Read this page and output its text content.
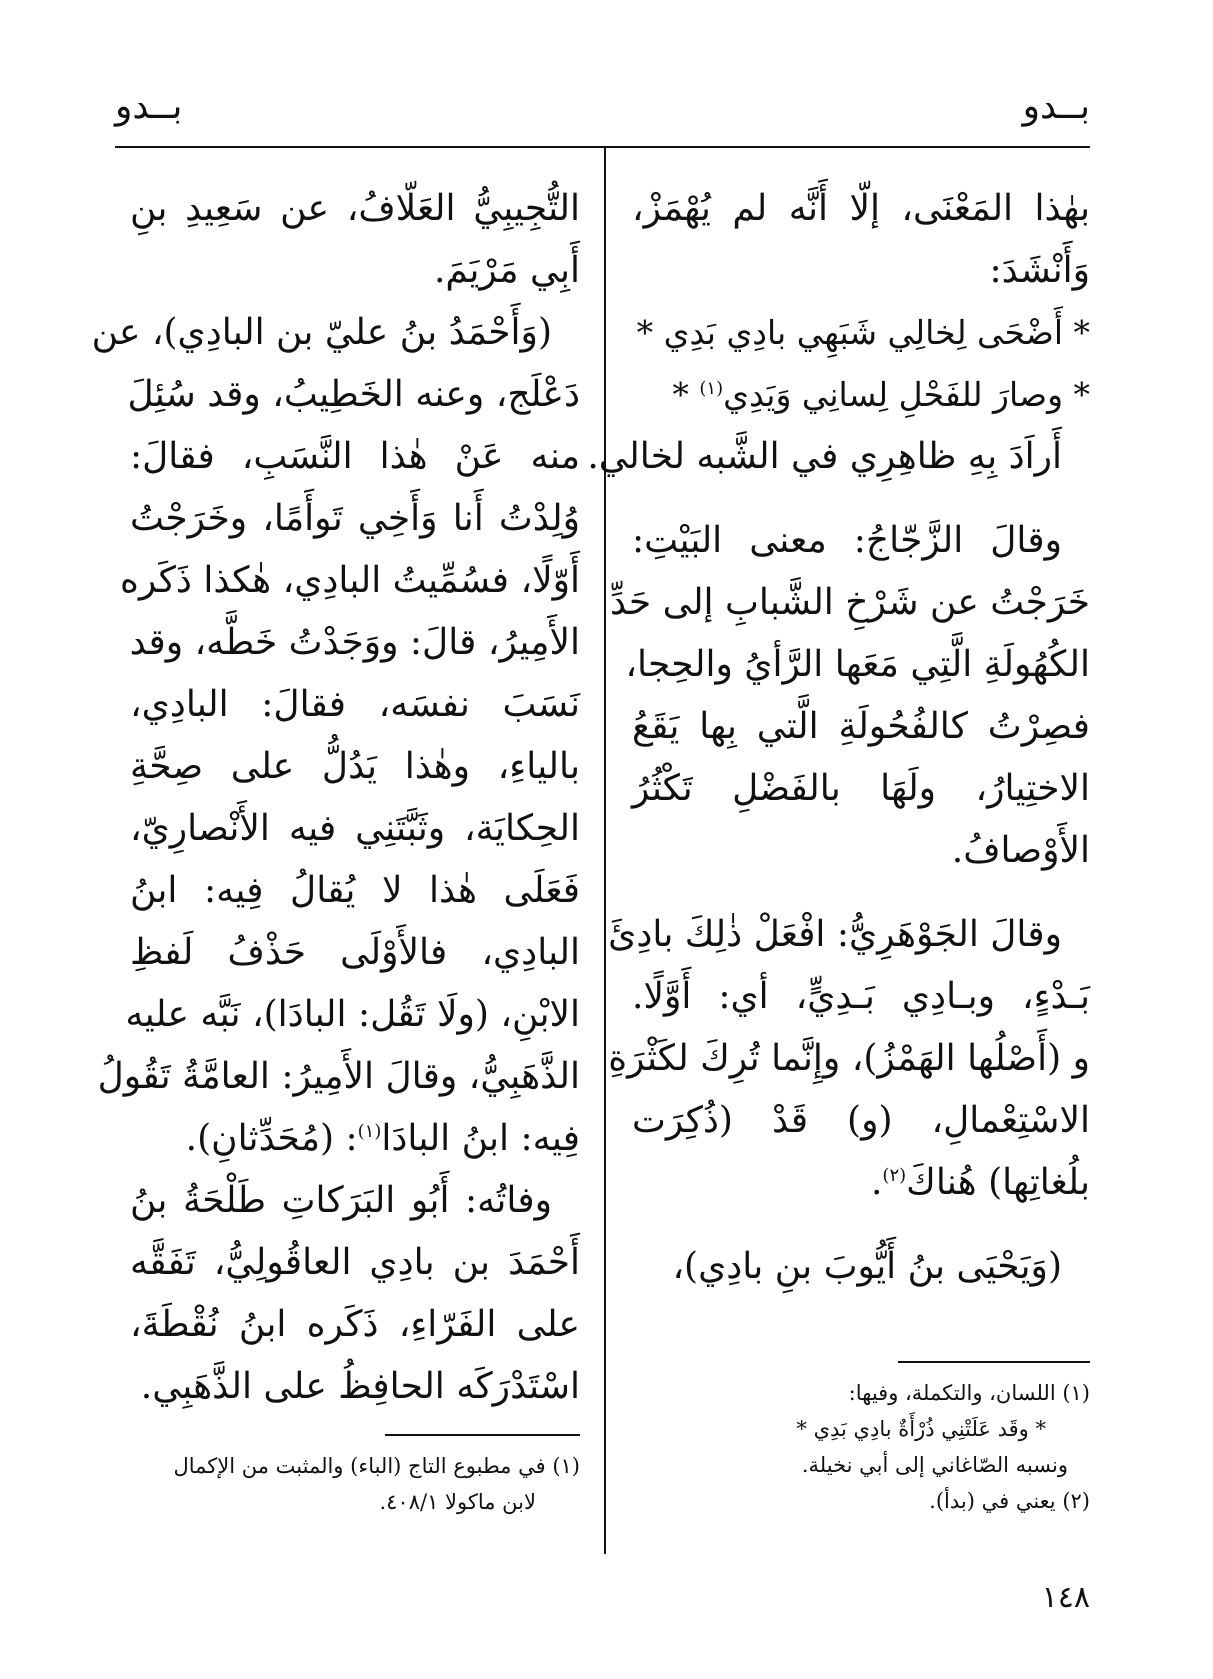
بــدو
بــدو
بهٰذا المَعْنَى، إلّا أَنَّه لم يُهْمَزْ،
وَأَنْشَدَ:
* أَضْحَى لِخالِي شَبَهِي بادِي بَدِي *
* وصارَ للفَحْلِ لِسانِي وَيَدِي$^{(١)}$ *
أَراَدَ بِهِ ظاهِرِي في الشَّبه لخالي.
وقالَ الزَّجّاجُ: معنى البَيْتِ:
خَرَجْتُ عن شَرْخِ الشَّبابِ إلى حَدِّ
الكُهُولَةِ الَّتِي مَعَها الرَّأيُ والحِجا،
فصِرْتُ كالفُحُولَةِ الَّتي بِها يَقَعُ
الاختِيارُ، ولَهَا بالفَضْلِ تَكْثُرُ
الأَوْصافُ.
وقالَ الجَوْهَرِيُّ: افْعَلْ ذٰلِكَ بادِئَ
بَـدْءٍ، وبـادِي بَـدِيٍّ، أي: أَوَّلًا.
و (أَصْلُها الهَمْزُ)، وإِنَّما تُرِكَ لكَثْرَةِ
الاسْتِعْمالِ، (و) قَدْ (ذُكِرَت
بلُغاتِها) هُناكَ$^{(٢)}$.
(وَيَحْيَى بنُ أَيُّوبَ بنِ بادِي)،
التُّجِيبِيُّ العَلّافُ، عن سَعِيدِ بنِ
أَبِي مَرْيَمَ.
(وَأَحْمَدُ بنُ عليّ بن البادِي)، عن
دَعْلَج، وعنه الخَطِيبُ، وقد سُئِلَ
منه عَنْ هٰذا النَّسَبِ، فقالَ:
وُلِدْتُ أَنا وَأَخِي تَوأَمًا، وخَرَجْتُ
أَوّلًا، فسُمِّيتُ البادِي، هٰكذا ذَكَره
الأَمِيرُ، قالَ: ووَجَدْتُ خَطَّه، وقد
نَسَبَ نفسَه، فقالَ: البادِي،
بالياءِ، وهٰذا يَدُلُّ على صِحَّةِ
الحِكايَة، وثَبَّتَنِي فيه الأَنْصارِيّ،
فَعَلَى هٰذا لا يُقالُ فِيه: ابنُ
البادِي، فالأَوْلَى حَذْفُ لَفظِ
الابْنِ، (ولَا تَقُل: البادَا)، نَبَّه عليه
الذَّهَبِيُّ، وقالَ الأَمِيرُ: العامَّةُ تَقُولُ
فِيه: ابنُ البادَا$^{(١)}$: (مُحَدِّثانِ).
وفاتُه: أَبُو البَرَكاتِ طَلْحَةُ بنُ
أَحْمَدَ بن بادِي العاقُولِيُّ، تَفَقَّه
على الفَرّاءِ، ذَكَره ابنُ نُقْطَةَ،
اسْتَدْرَكَه الحافِظُ على الذَّهَبِي.	(١) اللسان، والتكملة، وفيها:
* وقَد عَلَتْنِي ذُرْأَةٌ بادِي بَدِي *
ونسبه الصّاغاني إلى أبي نخيلة.
(٢) يعني في (بدأ).
(١) في مطبوع التاج (الباء) والمثبت من الإكمال
لابن ماكولا ٤٠٨/١.
١٤٨
